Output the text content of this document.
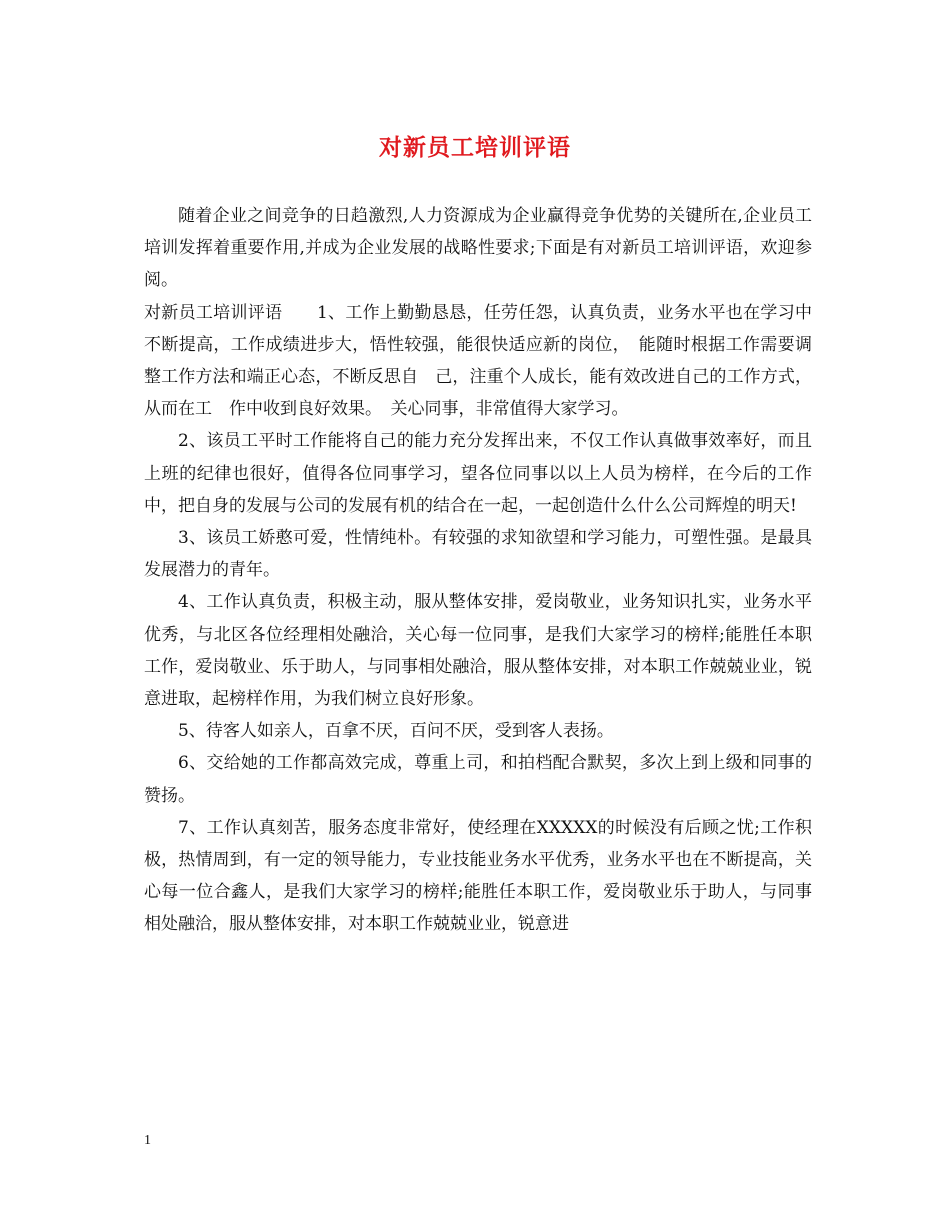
对新员工培训评语

随着企业之间竞争的日趋激烈,人力资源成为企业赢得竞争优势的关键所在,企业员工培训发挥着重要作用,并成为企业发展的战略性要求;下面是有对新员工培训评语，欢迎参阅。

对新员工培训评语　　1、工作上勤勤恳恳，任劳任怨，认真负责，业务水平也在学习中不断提高，工作成绩进步大，悟性较强，能很快适应新的岗位，　能随时根据工作需要调整工作方法和端正心态，不断反思自　己，注重个人成长，能有效改进自己的工作方式，从而在工　作中收到良好效果。　关心同事，非常值得大家学习。

2、该员工平时工作能将自己的能力充分发挥出来，不仅工作认真做事效率好，而且上班的纪律也很好，值得各位同事学习，望各位同事以以上人员为榜样，在今后的工作中，把自身的发展与公司的发展有机的结合在一起，一起创造什么什么公司辉煌的明天!

3、该员工娇憨可爱，性情纯朴。有较强的求知欲望和学习能力，可塑性强。是最具发展潜力的青年。

4、工作认真负责，积极主动，服从整体安排，爱岗敬业，业务知识扎实，业务水平优秀，与北区各位经理相处融洽，关心每一位同事，是我们大家学习的榜样;能胜任本职工作，爱岗敬业、乐于助人，与同事相处融洽，服从整体安排，对本职工作兢兢业业，锐意进取，起榜样作用，为我们树立良好形象。

5、待客人如亲人，百拿不厌，百问不厌，受到客人表扬。

6、交给她的工作都高效完成，尊重上司，和拍档配合默契，多次上到上级和同事的赞扬。

7、工作认真刻苦，服务态度非常好，使经理在XXXXX的时候没有后顾之忧;工作积极，热情周到，有一定的领导能力，专业技能业务水平优秀，业务水平也在不断提高，关心每一位合鑫人，是我们大家学习的榜样;能胜任本职工作，爱岗敬业乐于助人，与同事相处融洽，服从整体安排，对本职工作兢兢业业，锐意进

1
